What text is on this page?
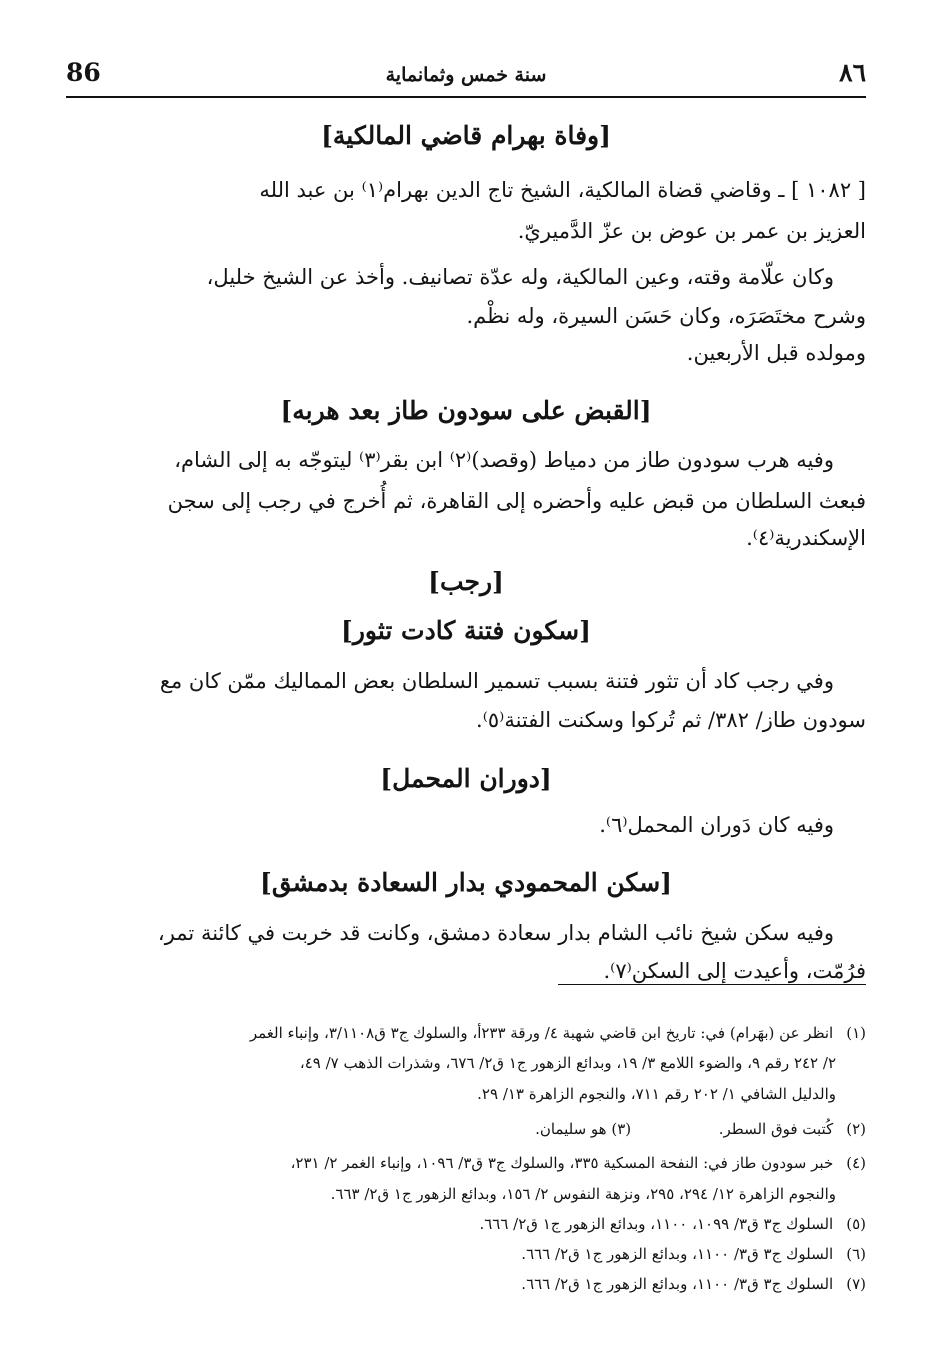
٨٦
سنة خمس وثمانماية
86
[وفاة بهرام قاضي المالكية]
[ ١٠٨٢ ] ـ وقاضي قضاة المالكية، الشيخ تاج الدين بهرام⁽١⁾ بن عبد الله
العزيز بن عمر بن عوض بن عزّ الدَّميريّ.
وكان علّامة وقته، وعين المالكية، وله عدّة تصانيف. وأخذ عن الشيخ خليل،
وشرح مختَصَرَه، وكان حَسَن السيرة، وله نظْم.
ومولده قبل الأربعين.
[القبض على سودون طاز بعد هربه]
وفيه هرب سودون طاز من دمياط (وقصد)⁽٢⁾ ابن بقر⁽٣⁾ ليتوجّه به إلى الشام،
فبعث السلطان من قبض عليه وأحضره إلى القاهرة، ثم أُخرج في رجب إلى سجن
الإسكندرية⁽٤⁾.
[رجب]
[سكون فتنة كادت تثور]
وفي رجب كاد أن تثور فتنة بسبب تسمير السلطان بعض المماليك ممّن كان مع
سودون طاز/ ٣٨٢/ ثم تُركوا وسكنت الفتنة⁽٥⁾.
[دوران المحمل]
وفيه كان دَوران المحمل⁽٦⁾.
[سكن المحمودي بدار السعادة بدمشق]
وفيه سكن شيخ نائب الشام بدار سعادة دمشق، وكانت قد خربت في كائنة تمر،
فرُمّت، وأعيدت إلى السكن⁽٧⁾.
(١) انظر عن (بهَرام) في: تاريخ ابن قاضي شهبة ٤/ ورقة ٢٣٣أ، والسلوك ج٣ ق٣/١١٠٨، وإنباء الغمر
٢/ ٢٤٢ رقم ٩، والضوء اللامع ٣/ ١٩، وبدائع الزهور ج١ ق٢/ ٦٧٦، وشذرات الذهب ٧/ ٤٩،
والدليل الشافي ١/ ٢٠٢ رقم ٧١١، والنجوم الزاهرة ١٣/ ٢٩.
(٢) كُتبت فوق السطر.  (٣) هو سليمان.
(٤) خبر سودون طاز في: النفحة المسكية ٣٣٥، والسلوك ج٣ ق٣/ ١٠٩٦، وإنباء الغمر ٢/ ٢٣١،
والنجوم الزاهرة ١٢/ ٢٩٤، ٢٩٥، ونزهة النفوس ٢/ ١٥٦، وبدائع الزهور ج١ ق٢/ ٦٦٣.
(٥) السلوك ج٣ ق٣/ ١٠٩٩، ١١٠٠، وبدائع الزهور ج١ ق٢/ ٦٦٦.
(٦) السلوك ج٣ ق٣/ ١١٠٠، وبدائع الزهور ج١ ق٢/ ٦٦٦.
(٧) السلوك ج٣ ق٣/ ١١٠٠، وبدائع الزهور ج١ ق٢/ ٦٦٦.
